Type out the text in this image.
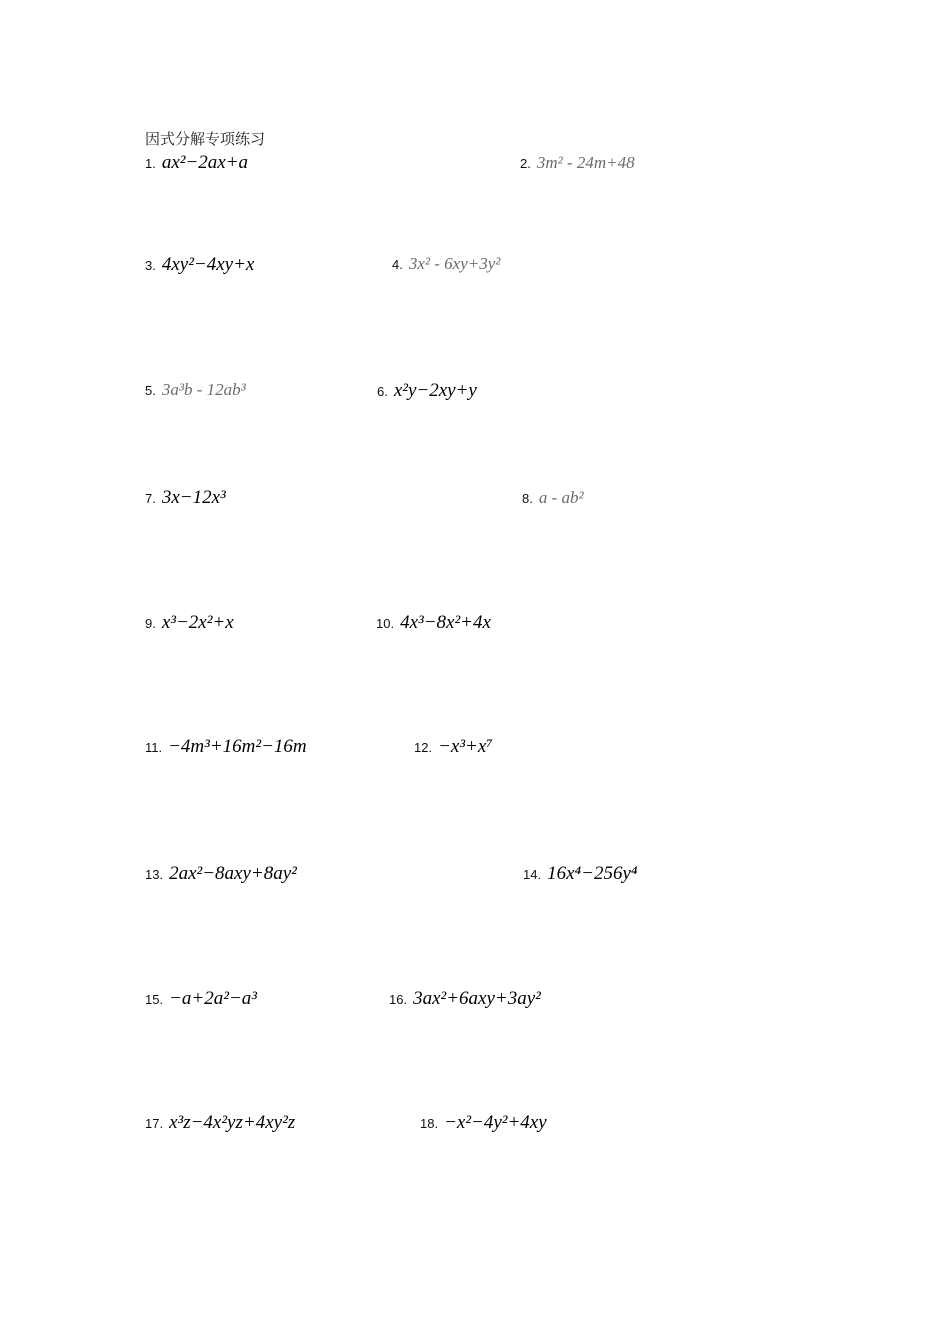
因式分解专项练习
1. ax²−2ax+a	2. 3m² - 24m+48
3. 4xy²−4xy+x	4. 3x² - 6xy+3y²
5. 3a³b - 12ab³	6. x²y−2xy+y
7. 3x−12x³	8. a - ab²
9. x³−2x²+x	10. 4x³−8x²+4x
11. −4m³+16m²−16m	12. −x³+x⁷
13. 2ax²−8axy+8ay²	14. 16x⁴−256y⁴
15. −a+2a²−a³	16. 3ax²+6axy+3ay²
17. x³z−4x²yz+4xy²z	18. −x²−4y²+4xy
